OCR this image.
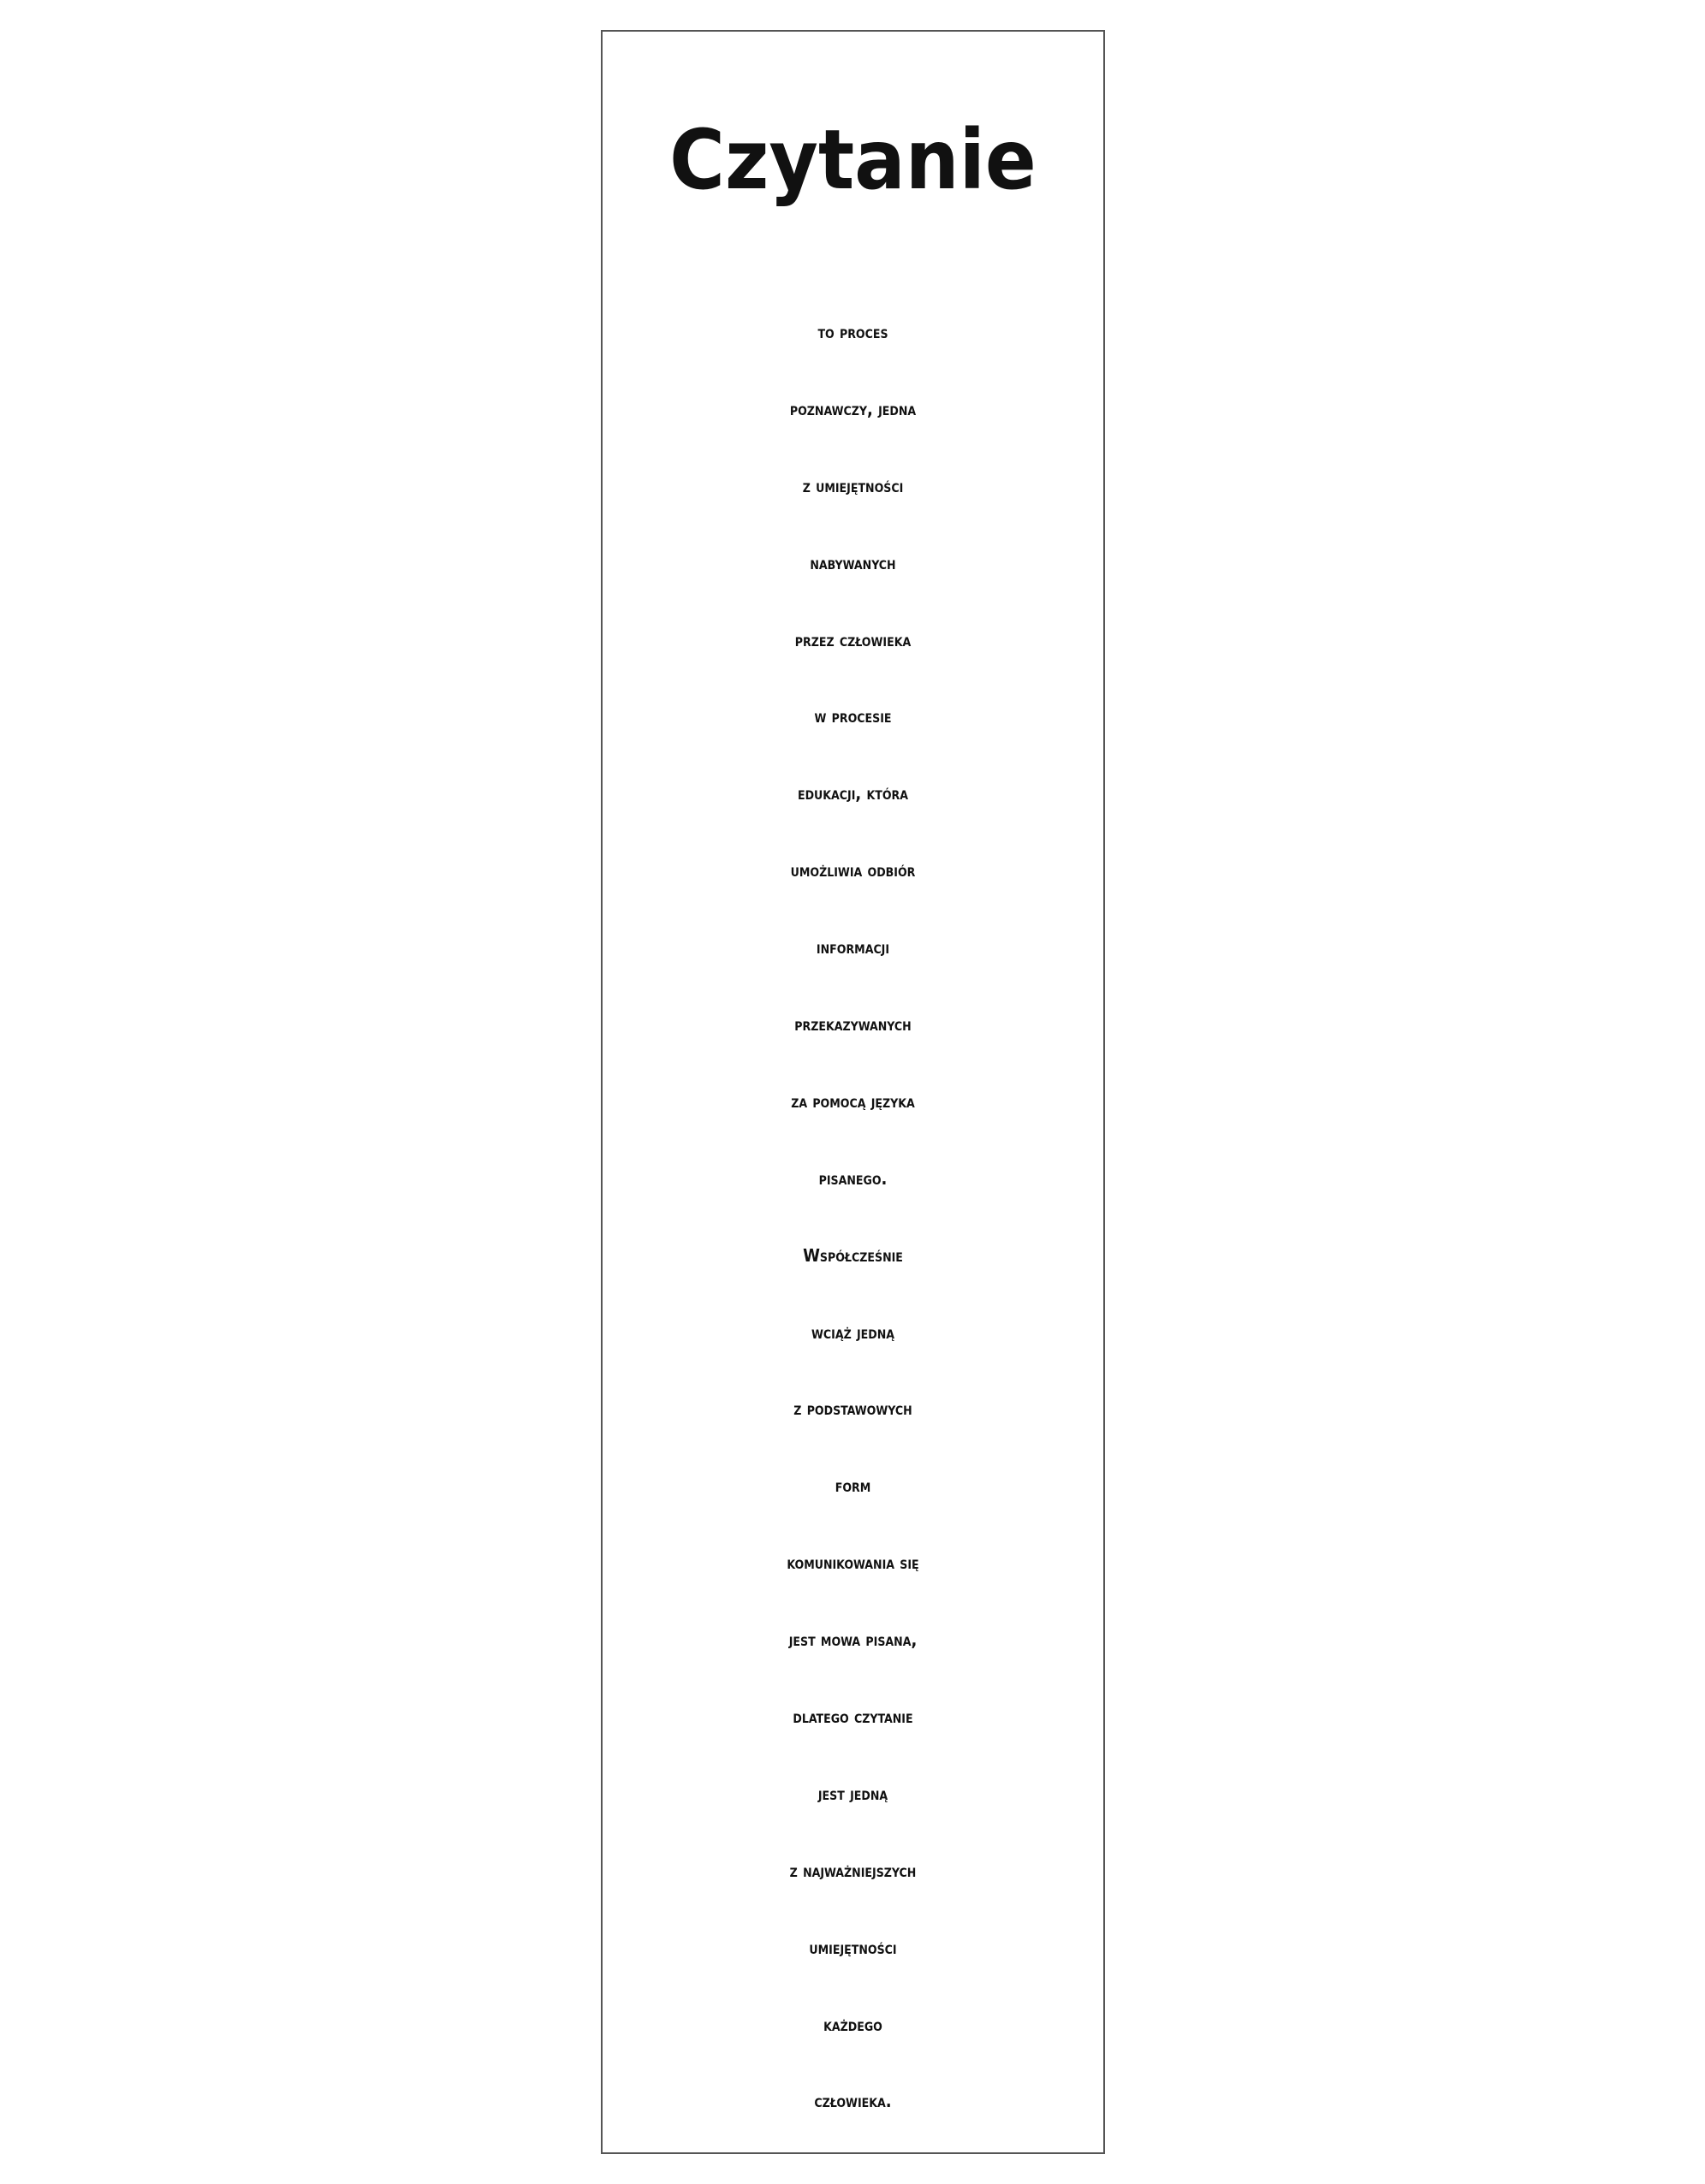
Czytanie
to proces
poznawczy, jedna
z umiejętności
nabywanych
przez człowieka
w procesie
edukacji, która
umożliwia odbiór
informacji
przekazywanych
za pomocą języka
pisanego.
Współcześnie
wciąż jedną
z podstawowych
form
komunikowania się
jest mowa pisana,
dlatego czytanie
jest jedną
z najważniejszych
umiejętności
każdego
człowieka.
